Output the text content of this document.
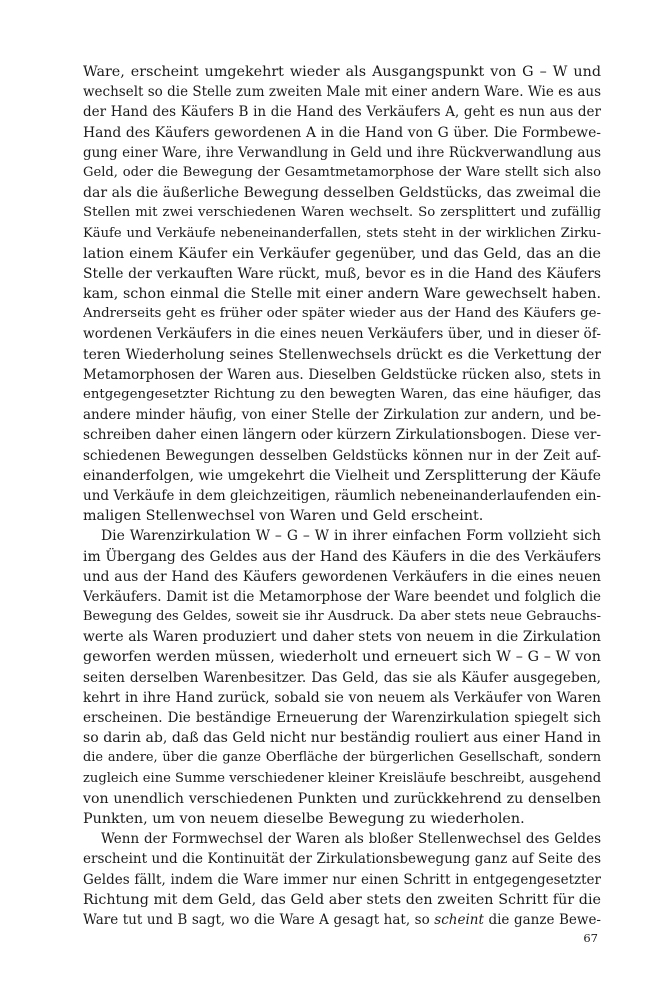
Ware, erscheint umgekehrt wieder als Ausgangspunkt von G – W und
wechselt so die Stelle zum zweiten Male mit einer andern Ware. Wie es aus
der Hand des Käufers B in die Hand des Verkäufers A, geht es nun aus der
Hand des Käufers gewordenen A in die Hand von G über. Die Formbewe-
gung einer Ware, ihre Verwandlung in Geld und ihre Rückverwandlung aus
Geld, oder die Bewegung der Gesamtmetamorphose der Ware stellt sich also
dar als die äußerliche Bewegung desselben Geldstücks, das zweimal die
Stellen mit zwei verschiedenen Waren wechselt. So zersplittert und zufällig
Käufe und Verkäufe nebeneinanderfallen, stets steht in der wirklichen Zirku-
lation einem Käufer ein Verkäufer gegenüber, und das Geld, das an die
Stelle der verkauften Ware rückt, muß, bevor es in die Hand des Käufers
kam, schon einmal die Stelle mit einer andern Ware gewechselt haben.
Andrerseits geht es früher oder später wieder aus der Hand des Käufers ge-
wordenen Verkäufers in die eines neuen Verkäufers über, und in dieser öf-
teren Wiederholung seines Stellenwechsels drückt es die Verkettung der
Metamorphosen der Waren aus. Dieselben Geldstücke rücken also, stets in
entgegengesetzter Richtung zu den bewegten Waren, das eine häufiger, das
andere minder häufig, von einer Stelle der Zirkulation zur andern, und be-
schreiben daher einen längern oder kürzern Zirkulationsbogen. Diese ver-
schiedenen Bewegungen desselben Geldstücks können nur in der Zeit auf-
einanderfolgen, wie umgekehrt die Vielheit und Zersplitterung der Käufe
und Verkäufe in dem gleichzeitigen, räumlich nebeneinanderlaufenden ein-
maligen Stellenwechsel von Waren und Geld erscheint.
Die Warenzirkulation W – G – W in ihrer einfachen Form vollzieht sich
im Übergang des Geldes aus der Hand des Käufers in die des Verkäufers
und aus der Hand des Käufers gewordenen Verkäufers in die eines neuen
Verkäufers. Damit ist die Metamorphose der Ware beendet und folglich die
Bewegung des Geldes, soweit sie ihr Ausdruck. Da aber stets neue Gebrauchs-
werte als Waren produziert und daher stets von neuem in die Zirkulation
geworfen werden müssen, wiederholt und erneuert sich W – G – W von
seiten derselben Warenbesitzer. Das Geld, das sie als Käufer ausgegeben,
kehrt in ihre Hand zurück, sobald sie von neuem als Verkäufer von Waren
erscheinen. Die beständige Erneuerung der Warenzirkulation spiegelt sich
so darin ab, daß das Geld nicht nur beständig rouliert aus einer Hand in
die andere, über die ganze Oberfläche der bürgerlichen Gesellschaft, sondern
zugleich eine Summe verschiedener kleiner Kreisläufe beschreibt, ausgehend
von unendlich verschiedenen Punkten und zurückkehrend zu denselben
Punkten, um von neuem dieselbe Bewegung zu wiederholen.
Wenn der Formwechsel der Waren als bloßer Stellenwechsel des Geldes
erscheint und die Kontinuität der Zirkulationsbewegung ganz auf Seite des
Geldes fällt, indem die Ware immer nur einen Schritt in entgegengesetzter
Richtung mit dem Geld, das Geld aber stets den zweiten Schritt für die
Ware tut und B sagt, wo die Ware A gesagt hat, so scheint die ganze Bewe-
67
